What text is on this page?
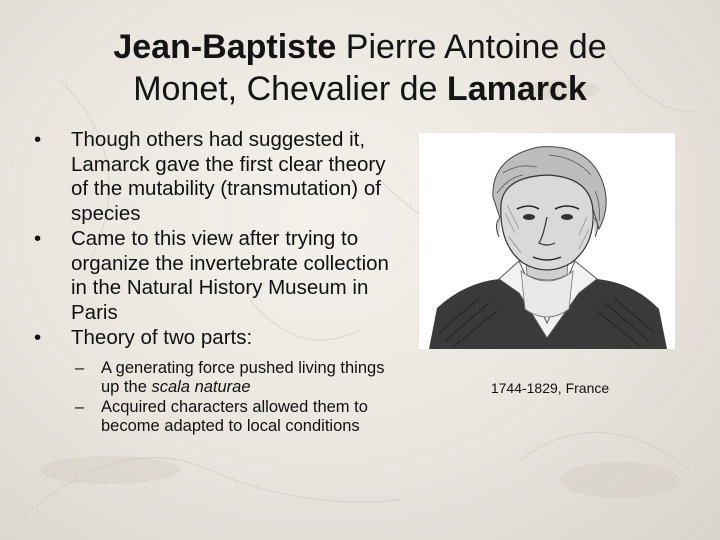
Jean-Baptiste Pierre Antoine de
Monet, Chevalier de Lamarck
• Though others had suggested it, Lamarck gave the first clear theory of the mutability (transmutation) of species
• Came to this view after trying to organize the invertebrate collection in the Natural History Museum in Paris
• Theory of two parts:
– A generating force pushed living things up the scala naturae
– Acquired characters allowed them to become adapted to local conditions
1744-1829, France
